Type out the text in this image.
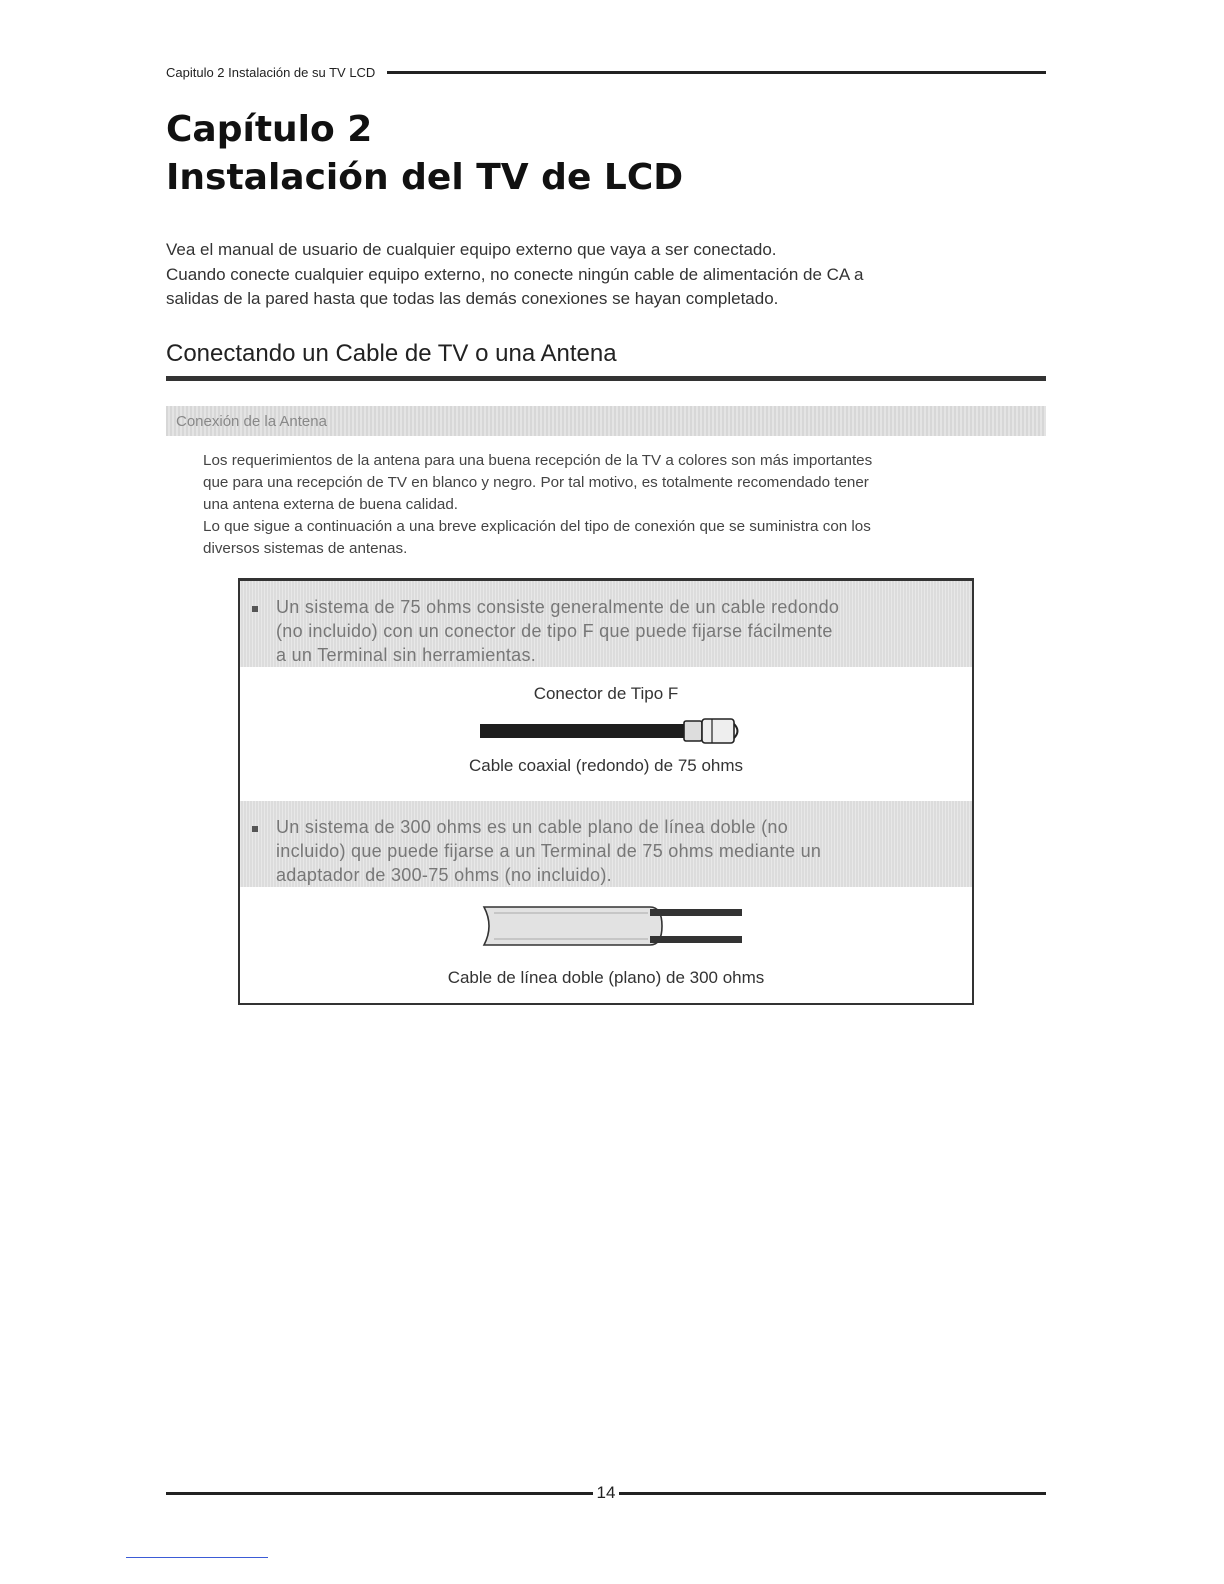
Capitulo 2 Instalación de su TV LCD
Capítulo 2
Instalación del TV de LCD
Vea el manual de usuario de cualquier equipo externo que vaya a ser conectado.
Cuando conecte cualquier equipo externo, no conecte ningún cable de alimentación de CA a
salidas de la pared hasta que todas las demás conexiones se hayan completado.
Conectando un Cable de TV o una Antena
Conexión de la Antena
Los requerimientos de la antena para una buena recepción de la TV a colores son más importantes
que para una recepción de TV en blanco y negro. Por tal motivo, es totalmente recomendado tener
una antena externa de buena calidad.
Lo que sigue a continuación a una breve explicación del tipo de conexión que se suministra con los
diversos sistemas de antenas.
Un sistema de 75 ohms consiste generalmente de un cable redondo
(no incluido) con un conector de tipo F que puede fijarse fácilmente
a un Terminal sin herramientas.
Conector de Tipo F
Cable coaxial (redondo) de 75 ohms
Un sistema de 300 ohms es un cable plano de línea doble (no
incluido) que puede fijarse a un Terminal de 75 ohms mediante un
adaptador de 300-75 ohms (no incluido).
Cable de línea doble (plano) de 300 ohms
14
